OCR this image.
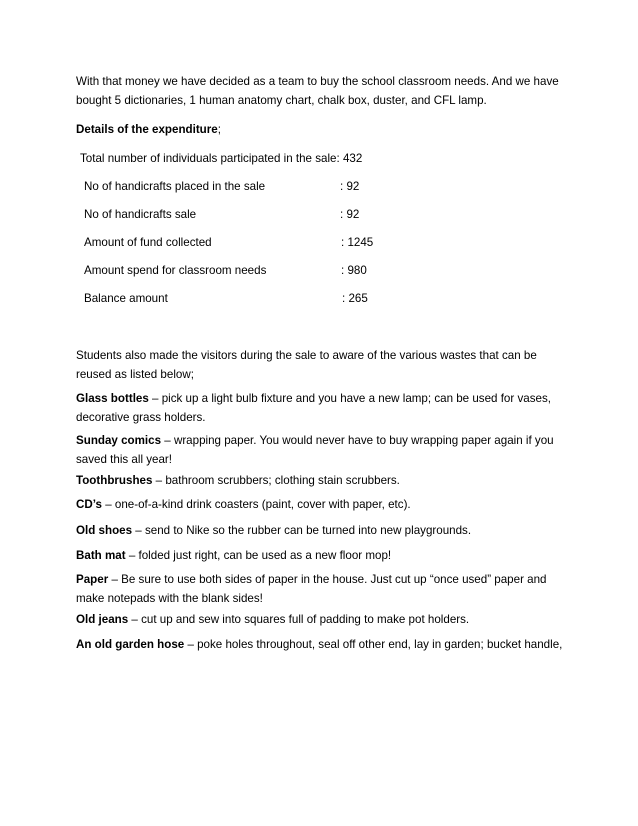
With that money we have decided as a team to buy the school classroom needs. And we have bought 5 dictionaries, 1 human anatomy chart, chalk box, duster, and CFL lamp.
Details of the expenditure;
Total number of individuals participated in the sale: 432
No of handicrafts placed in the sale	: 92
No of handicrafts sale	: 92
Amount of fund collected	: 1245
Amount spend for classroom needs	: 980
Balance amount	: 265
Students also made the visitors during the sale to aware of the various wastes that can be reused as listed below;
Glass bottles – pick up a light bulb fixture and you have a new lamp; can be used for vases, decorative grass holders.
Sunday comics – wrapping paper. You would never have to buy wrapping paper again if you saved this all year!
Toothbrushes – bathroom scrubbers; clothing stain scrubbers.
CD’s – one-of-a-kind drink coasters (paint, cover with paper, etc).
Old shoes – send to Nike so the rubber can be turned into new playgrounds.
Bath mat – folded just right, can be used as a new floor mop!
Paper – Be sure to use both sides of paper in the house. Just cut up “once used” paper and make notepads with the blank sides!
Old jeans – cut up and sew into squares full of padding to make pot holders.
An old garden hose – poke holes throughout, seal off other end, lay in garden; bucket handle,
